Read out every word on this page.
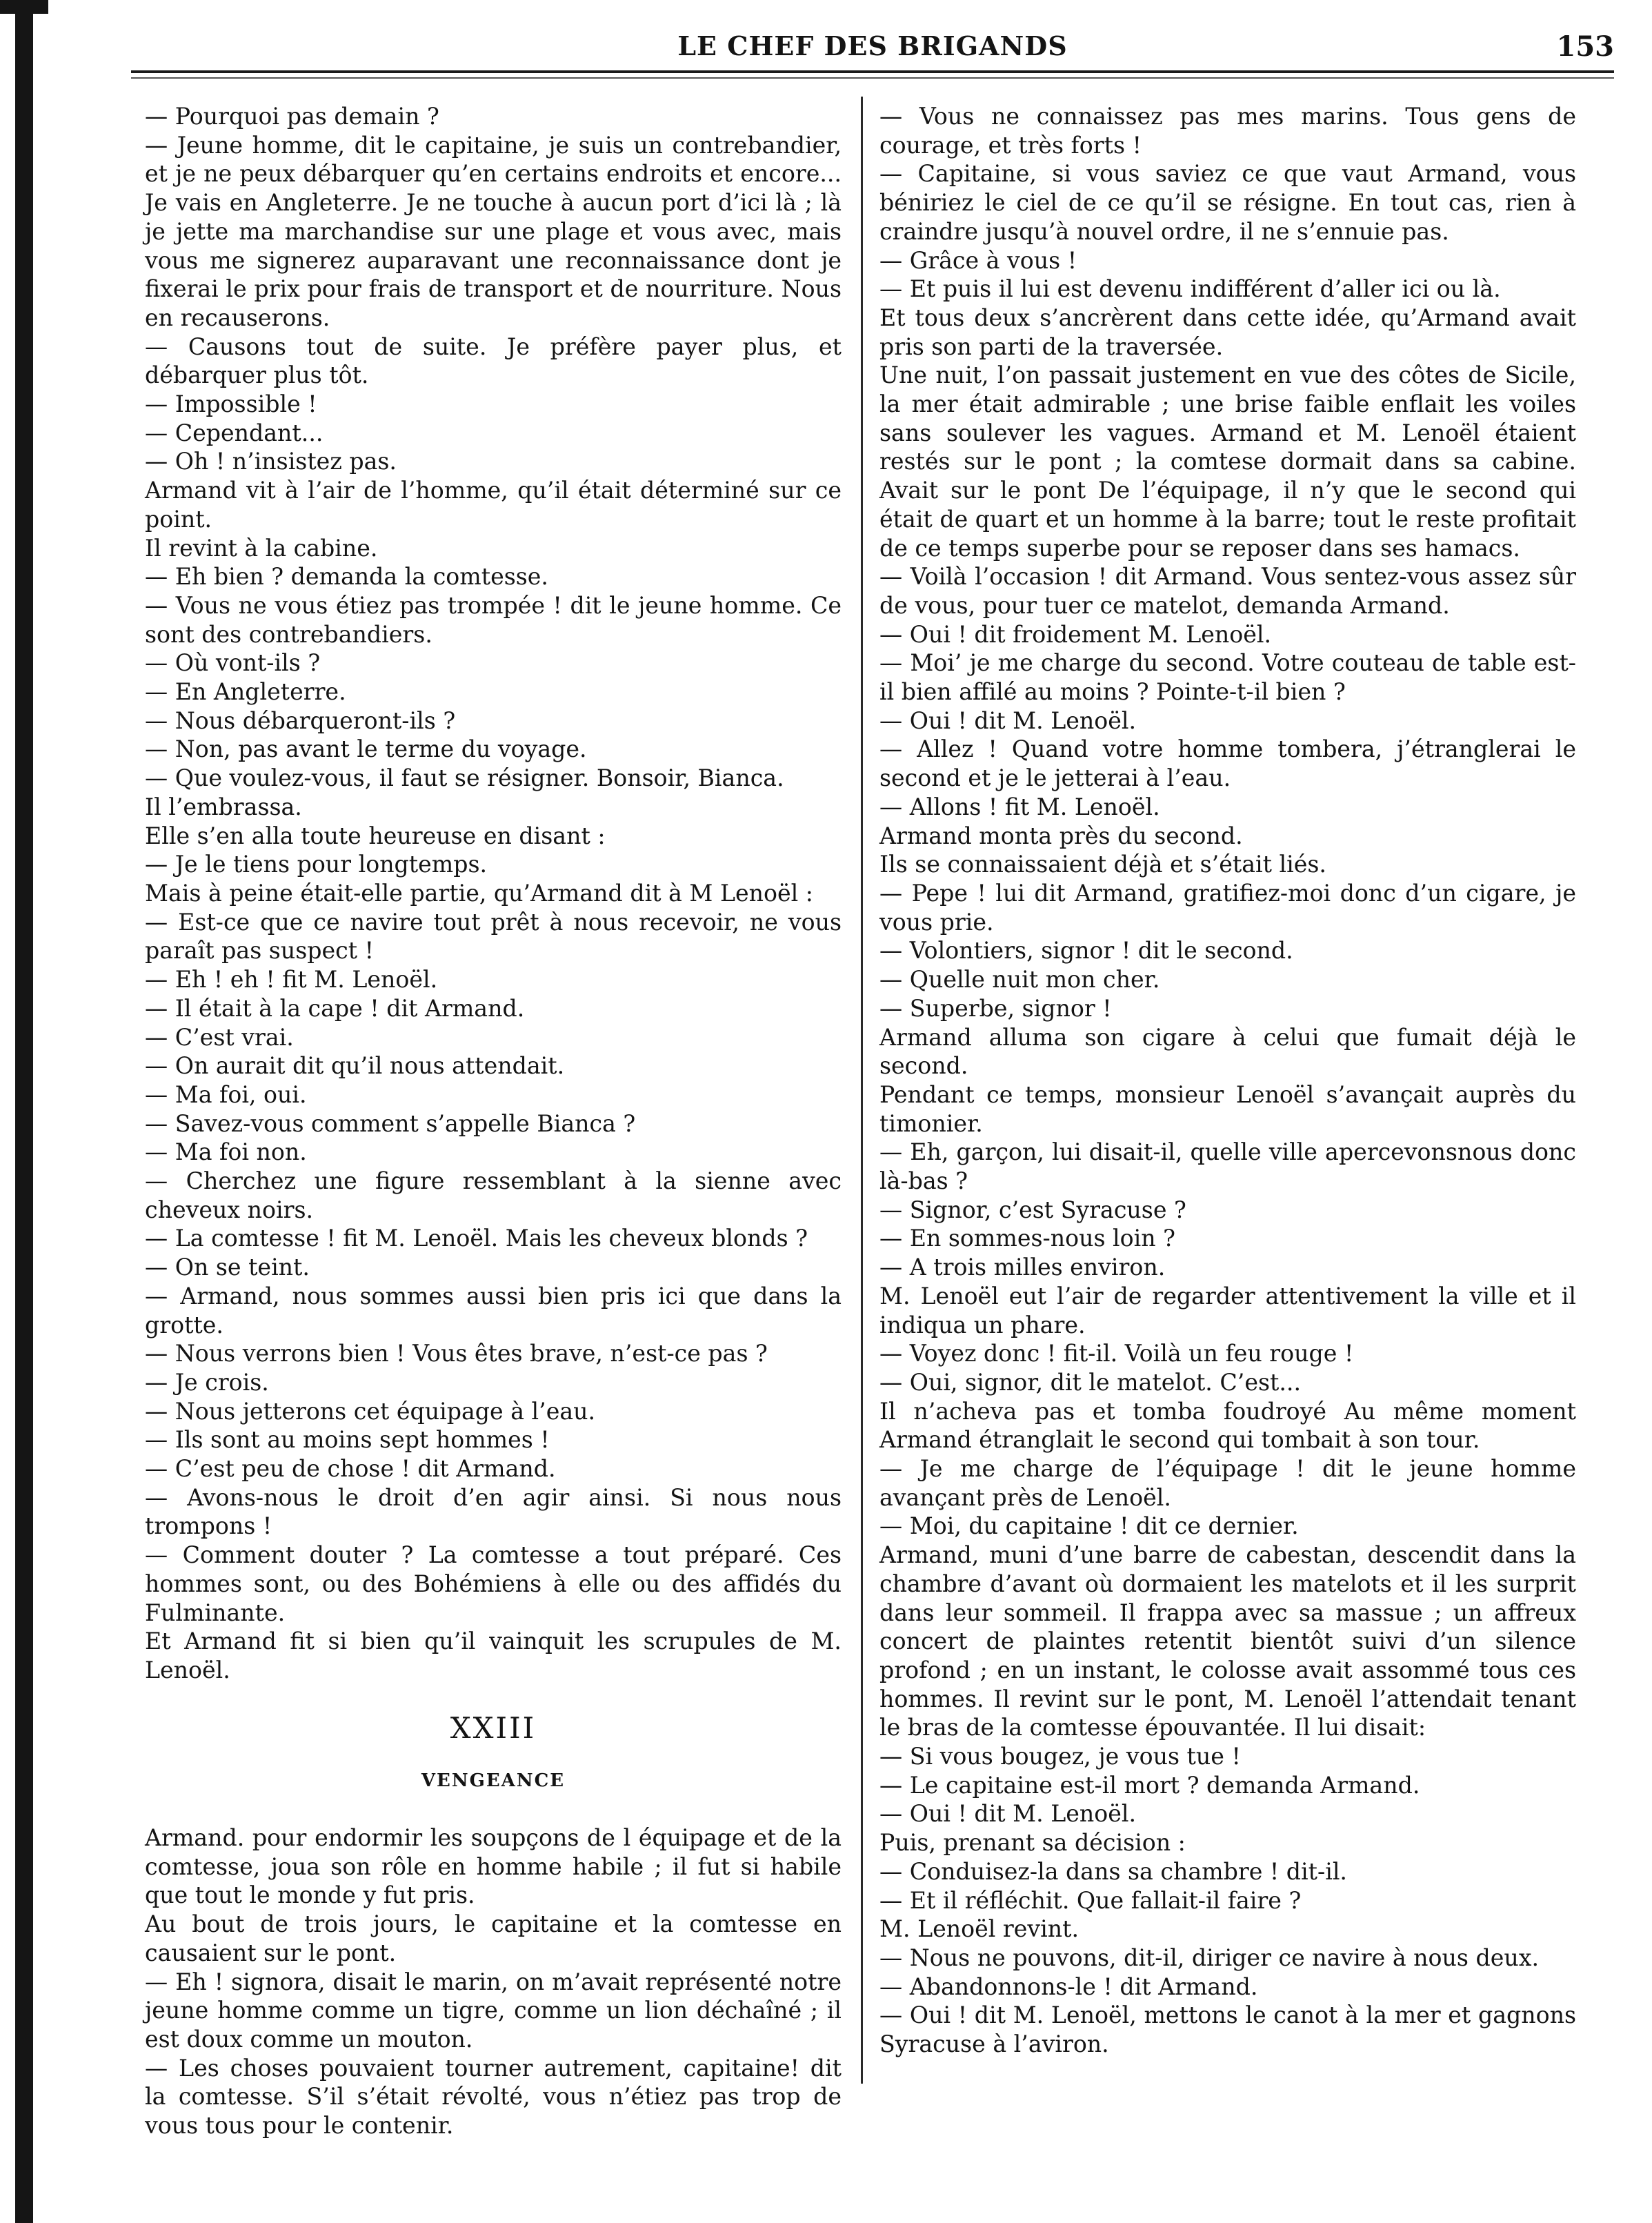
LE CHEF DES BRIGANDS	153

— Pourquoi pas demain ?

— Jeune homme, dit le capitaine, je suis un contrebandier, et je ne peux débarquer qu’en certains endroits et encore... Je vais en Angleterre. Je ne touche à aucun port d’ici là ; là je jette ma marchandise sur une plage et vous avec, mais vous me signerez auparavant une reconnaissance dont je fixerai le prix pour frais de transport et de nourriture. Nous en recauserons.

— Causons tout de suite. Je préfère payer plus, et débarquer plus tôt.

— Impossible !

— Cependant...

— Oh ! n’insistez pas.

Armand vit à l’air de l’homme, qu’il était déterminé sur ce point.

Il revint à la cabine.

— Eh bien ? demanda la comtesse.

— Vous ne vous étiez pas trompée ! dit le jeune homme. Ce sont des contrebandiers.

— Où vont-ils ?

— En Angleterre.

— Nous débarqueront-ils ?

— Non, pas avant le terme du voyage.

— Que voulez-vous, il faut se résigner. Bonsoir, Bianca.

Il l’embrassa.

Elle s’en alla toute heureuse en disant :

— Je le tiens pour longtemps.

Mais à peine était-elle partie, qu’Armand dit à M Lenoël :

— Est-ce que ce navire tout prêt à nous recevoir, ne vous paraît pas suspect !

— Eh ! eh ! fit M. Lenoël.

— Il était à la cape ! dit Armand.

— C’est vrai.

— On aurait dit qu’il nous attendait.

— Ma foi, oui.

— Savez-vous comment s’appelle Bianca ?

— Ma foi non.

— Cherchez une figure ressemblant à la sienne avec cheveux noirs.

— La comtesse ! fit M. Lenoël. Mais les cheveux blonds ?

— On se teint.

— Armand, nous sommes aussi bien pris ici que dans la grotte.

— Nous verrons bien ! Vous êtes brave, n’est-ce pas ?

— Je crois.

— Nous jetterons cet équipage à l’eau.

— Ils sont au moins sept hommes !

— C’est peu de chose ! dit Armand.

— Avons-nous le droit d’en agir ainsi. Si nous nous trompons !

— Comment douter ? La comtesse a tout préparé. Ces hommes sont, ou des Bohémiens à elle ou des affidés du Fulminante.

Et Armand fit si bien qu’il vainquit les scrupules de M. Lenoël.

XXIII
VENGEANCE

Armand. pour endormir les soupçons de l équipage et de la comtesse, joua son rôle en homme habile ; il fut si habile que tout le monde y fut pris.

Au bout de trois jours, le capitaine et la comtesse en causaient sur le pont.

— Eh ! signora, disait le marin, on m’avait représenté notre jeune homme comme un tigre, comme un lion déchaîné ; il est doux comme un mouton.

— Les choses pouvaient tourner autrement, capitaine! dit la comtesse. S’il s’était révolté, vous n’étiez pas trop de vous tous pour le contenir.

— Vous ne connaissez pas mes marins. Tous gens de courage, et très forts !

— Capitaine, si vous saviez ce que vaut Armand, vous béniriez le ciel de ce qu’il se résigne. En tout cas, rien à craindre jusqu’à nouvel ordre, il ne s’ennuie pas.

— Grâce à vous !

— Et puis il lui est devenu indifférent d’aller ici ou là.

Et tous deux s’ancrèrent dans cette idée, qu’Armand avait pris son parti de la traversée.

Une nuit, l’on passait justement en vue des côtes de Sicile, la mer était admirable ; une brise faible enflait les voiles sans soulever les vagues. Armand et M. Lenoël étaient restés sur le pont ; la comtese dormait dans sa cabine. Avait sur le pont De l’équipage, il n’y que le second qui était de quart et un homme à la barre; tout le reste profitait de ce temps superbe pour se reposer dans ses hamacs.

— Voilà l’occasion ! dit Armand. Vous sentez-vous assez sûr de vous, pour tuer ce matelot, demanda Armand.

— Oui ! dit froidement M. Lenoël.

— Moi’ je me charge du second. Votre couteau de table est-il bien affilé au moins ? Pointe-t-il bien ?

— Oui ! dit M. Lenoël.

— Allez ! Quand votre homme tombera, j’étranglerai le second et je le jetterai à l’eau.

— Allons ! fit M. Lenoël.

Armand monta près du second.

Ils se connaissaient déjà et s’était liés.

— Pepe ! lui dit Armand, gratifiez-moi donc d’un cigare, je vous prie.

— Volontiers, signor ! dit le second.

— Quelle nuit mon cher.

— Superbe, signor !

Armand alluma son cigare à celui que fumait déjà le second.

Pendant ce temps, monsieur Lenoël s’avançait auprès du timonier.

— Eh, garçon, lui disait-il, quelle ville apercevonsnous donc là-bas ?

— Signor, c’est Syracuse ?

— En sommes-nous loin ?

— A trois milles environ.

M. Lenoël eut l’air de regarder attentivement la ville et il indiqua un phare.

— Voyez donc ! fit-il. Voilà un feu rouge !

— Oui, signor, dit le matelot. C’est...

Il n’acheva pas et tomba foudroyé Au même moment Armand étranglait le second qui tombait à son tour.

— Je me charge de l’équipage ! dit le jeune homme avançant près de Lenoël.

— Moi, du capitaine ! dit ce dernier.

Armand, muni d’une barre de cabestan, descendit dans la chambre d’avant où dormaient les matelots et il les surprit dans leur sommeil. Il frappa avec sa massue ; un affreux concert de plaintes retentit bientôt suivi d’un silence profond ; en un instant, le colosse avait assommé tous ces hommes. Il revint sur le pont, M. Lenoël l’attendait tenant le bras de la comtesse épouvantée. Il lui disait:

— Si vous bougez, je vous tue !

— Le capitaine est-il mort ? demanda Armand.

— Oui ! dit M. Lenoël.

Puis, prenant sa décision :

— Conduisez-la dans sa chambre ! dit-il.

— Et il réfléchit. Que fallait-il faire ?

M. Lenoël revint.

— Nous ne pouvons, dit-il, diriger ce navire à nous deux.

— Abandonnons-le ! dit Armand.

— Oui ! dit M. Lenoël, mettons le canot à la mer et gagnons Syracuse à l’aviron.
